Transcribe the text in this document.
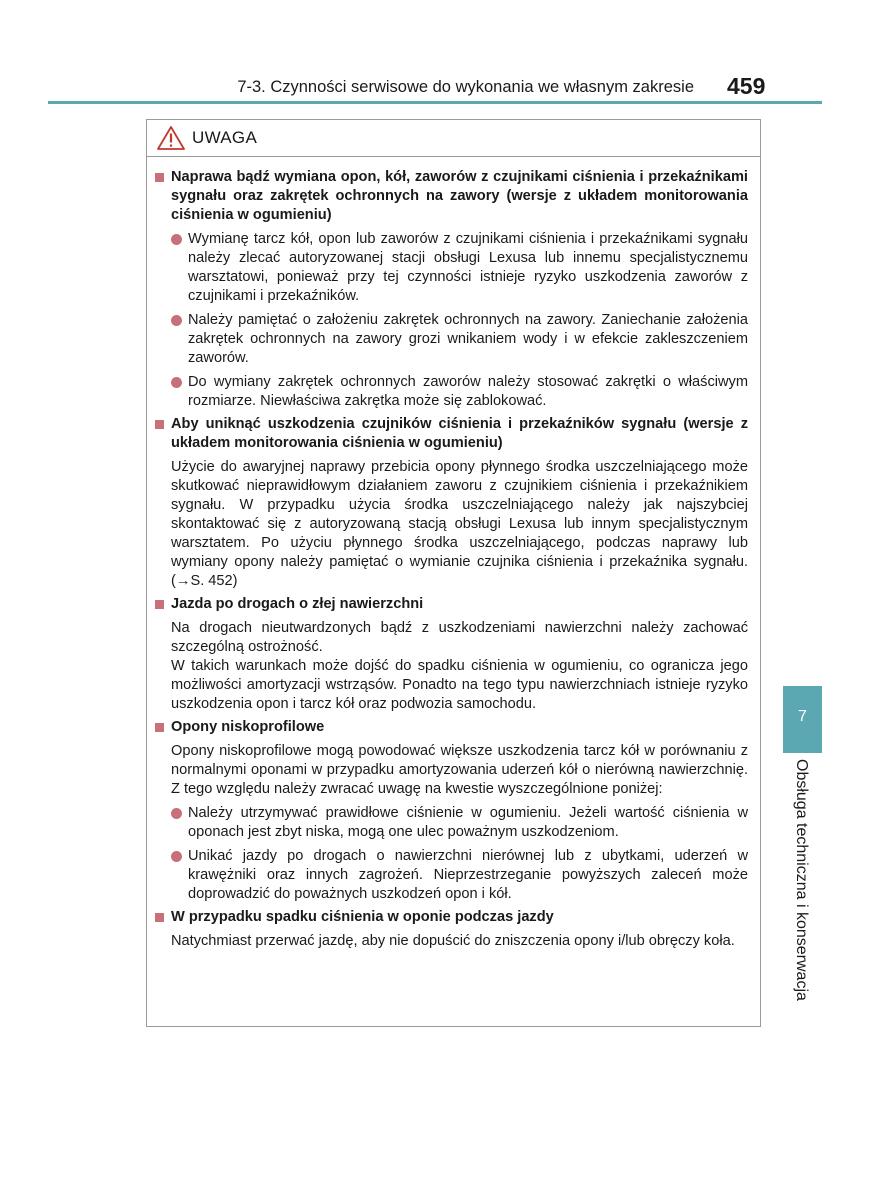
7-3. Czynności serwisowe do wykonania we własnym zakresie 459
7
Obsługa techniczna i konserwacja
UWAGA
Naprawa bądź wymiana opon, kół, zaworów z czujnikami ciśnienia i przekaźnikami sygnału oraz zakrętek ochronnych na zawory (wersje z układem monitorowania ciśnienia w ogumieniu)
Wymianę tarcz kół, opon lub zaworów z czujnikami ciśnienia i przekaźnikami sygnału należy zlecać autoryzowanej stacji obsługi Lexusa lub innemu specjalistycznemu warsztatowi, ponieważ przy tej czynności istnieje ryzyko uszkodzenia zaworów z czujnikami i przekaźników.
Należy pamiętać o założeniu zakrętek ochronnych na zawory. Zaniechanie założenia zakrętek ochronnych na zawory grozi wnikaniem wody i w efekcie zakleszczeniem zaworów.
Do wymiany zakrętek ochronnych zaworów należy stosować zakrętki o właściwym rozmiarze. Niewłaściwa zakrętka może się zablokować.
Aby uniknąć uszkodzenia czujników ciśnienia i przekaźników sygnału (wersje z układem monitorowania ciśnienia w ogumieniu)
Użycie do awaryjnej naprawy przebicia opony płynnego środka uszczelniającego może skutkować nieprawidłowym działaniem zaworu z czujnikiem ciśnienia i przekaźnikiem sygnału. W przypadku użycia środka uszczelniającego należy jak najszybciej skontaktować się z autoryzowaną stacją obsługi Lexusa lub innym specjalistycznym warsztatem. Po użyciu płynnego środka uszczelniającego, podczas naprawy lub wymiany opony należy pamiętać o wymianie czujnika ciśnienia i przekaźnika sygnału. (→S. 452)
Jazda po drogach o złej nawierzchni
Na drogach nieutwardzonych bądź z uszkodzeniami nawierzchni należy zachować szczególną ostrożność.
W takich warunkach może dojść do spadku ciśnienia w ogumieniu, co ogranicza jego możliwości amortyzacji wstrząsów. Ponadto na tego typu nawierzchniach istnieje ryzyko uszkodzenia opon i tarcz kół oraz podwozia samochodu.
Opony niskoprofilowe
Opony niskoprofilowe mogą powodować większe uszkodzenia tarcz kół w porównaniu z normalnymi oponami w przypadku amortyzowania uderzeń kół o nierówną nawierzchnię. Z tego względu należy zwracać uwagę na kwestie wyszczególnione poniżej:
Należy utrzymywać prawidłowe ciśnienie w ogumieniu. Jeżeli wartość ciśnienia w oponach jest zbyt niska, mogą one ulec poważnym uszkodzeniom.
Unikać jazdy po drogach o nawierzchni nierównej lub z ubytkami, uderzeń w krawężniki oraz innych zagrożeń. Nieprzestrzeganie powyższych zaleceń może doprowadzić do poważnych uszkodzeń opon i kół.
W przypadku spadku ciśnienia w oponie podczas jazdy
Natychmiast przerwać jazdę, aby nie dopuścić do zniszczenia opony i/lub obręczy koła.
